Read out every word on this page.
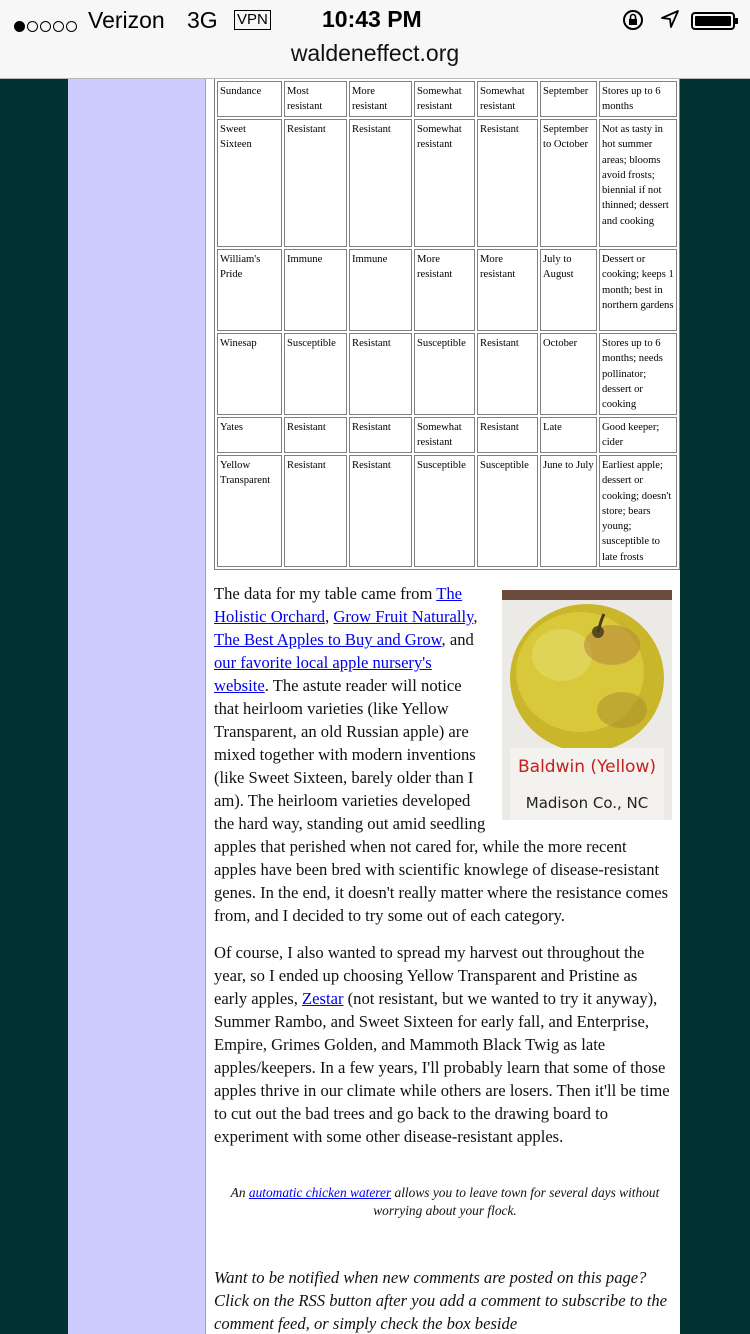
Verizon 3G VPN 10:43 PM
waldeneffect.org
Sundance	Most resistant	More resistant	Somewhat resistant	Somewhat resistant	September	Stores up to 6 months
Sweet Sixteen	Resistant	Resistant	Somewhat resistant	Resistant	September to October	Not as tasty in hot summer areas; blooms avoid frosts; biennial if not thinned; dessert and cooking
William's Pride	Immune	Immune	More resistant	More resistant	July to August	Dessert or cooking; keeps 1 month; best in northern gardens
Winesap	Susceptible	Resistant	Susceptible	Resistant	October	Stores up to 6 months; needs pollinator; dessert or cooking
Yates	Resistant	Resistant	Somewhat resistant	Resistant	Late	Good keeper; cider
Yellow Transparent	Resistant	Resistant	Susceptible	Susceptible	June to July	Earliest apple; dessert or cooking; doesn't store; bears young; susceptible to late frosts
Baldwin (Yellow)
Madison Co., NC
The data for my table came from The Holistic Orchard, Grow Fruit Naturally, The Best Apples to Buy and Grow, and our favorite local apple nursery's website. The astute reader will notice that heirloom varieties (like Yellow Transparent, an old Russian apple) are mixed together with modern inventions (like Sweet Sixteen, barely older than I am). The heirloom varieties developed the hard way, standing out amid seedling apples that perished when not cared for, while the more recent apples have been bred with scientific knowlege of disease-resistant genes. In the end, it doesn't really matter where the resistance comes from, and I decided to try some out of each category.
Of course, I also wanted to spread my harvest out throughout the year, so I ended up choosing Yellow Transparent and Pristine as early apples, Zestar (not resistant, but we wanted to try it anyway), Summer Rambo, and Sweet Sixteen for early fall, and Enterprise, Empire, Grimes Golden, and Mammoth Black Twig as late apples/keepers. In a few years, I'll probably learn that some of those apples thrive in our climate while others are losers. Then it'll be time to cut out the bad trees and go back to the drawing board to experiment with some other disease-resistant apples.
An automatic chicken waterer allows you to leave town for several days without worrying about your flock.
Want to be notified when new comments are posted on this page? Click on the RSS button after you add a comment to subscribe to the comment feed, or simply check the box beside
